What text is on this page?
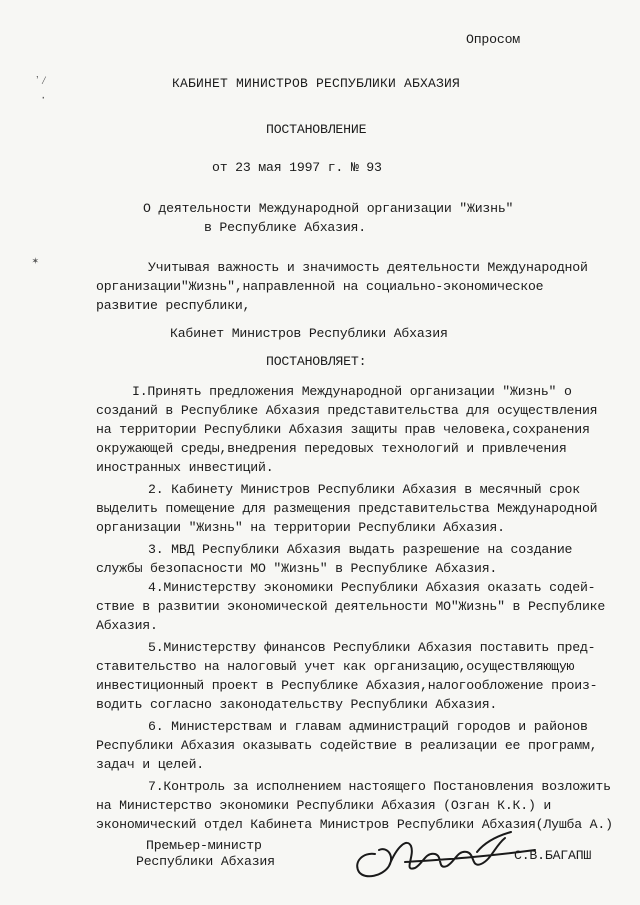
ʼ⁄
·
✶
Опросом
КАБИНЕТ МИНИСТРОВ РЕСПУБЛИКИ АБХАЗИЯ
ПОСТАНОВЛЕНИЕ
от 23 мая 1997 г. № 93
О деятельности Международной организации "Жизнь"
в Республике Абхазия.
Учитывая важность и значимость деятельности Международной
организации"Жизнь",направленной на социально-экономическое
развитие республики,
Кабинет Министров Республики Абхазия
ПОСТАНОВЛЯЕТ:
I.Принять предложения Международной организации "Жизнь" о
созданий в Республике Абхазия представительства для осуществления
на территории Республики Абхазия защиты прав человека,сохранения
окружающей среды,внедрения передовых технологий и привлечения
иностранных инвестиций.
2. Кабинету Министров Республики Абхазия в месячный срок
выделить помещение для размещения представительства Международной
организации "Жизнь" на территории Республики Абхазия.
3. МВД Республики Абхазия выдать разрешение на создание
службы безопасности МО "Жизнь" в Республике Абхазия.
4.Министерству экономики Республики Абхазия оказать содей-
ствие в развитии экономической деятельности МО"Жизнь" в Республике
Абхазия.
5.Министерству финансов Республики Абхазия поставить пред-
ставительство на налоговый учет как организацию,осуществляющую
инвестиционный проект в Республике Абхазия,налогообложение произ-
водить согласно законодательству Республики Абхазия.
6. Министерствам и главам администраций городов и районов
Республики Абхазия оказывать содействие в реализации ее программ,
задач и целей.
7.Контроль за исполнением настоящего Постановления возложить
на Министерство экономики Республики Абхазия (Озган К.К.) и
экономический отдел Кабинета Министров Республики Абхазия(Лушба А.)
Премьер-министр
Республики Абхазия	С.В.БАГАПШ
